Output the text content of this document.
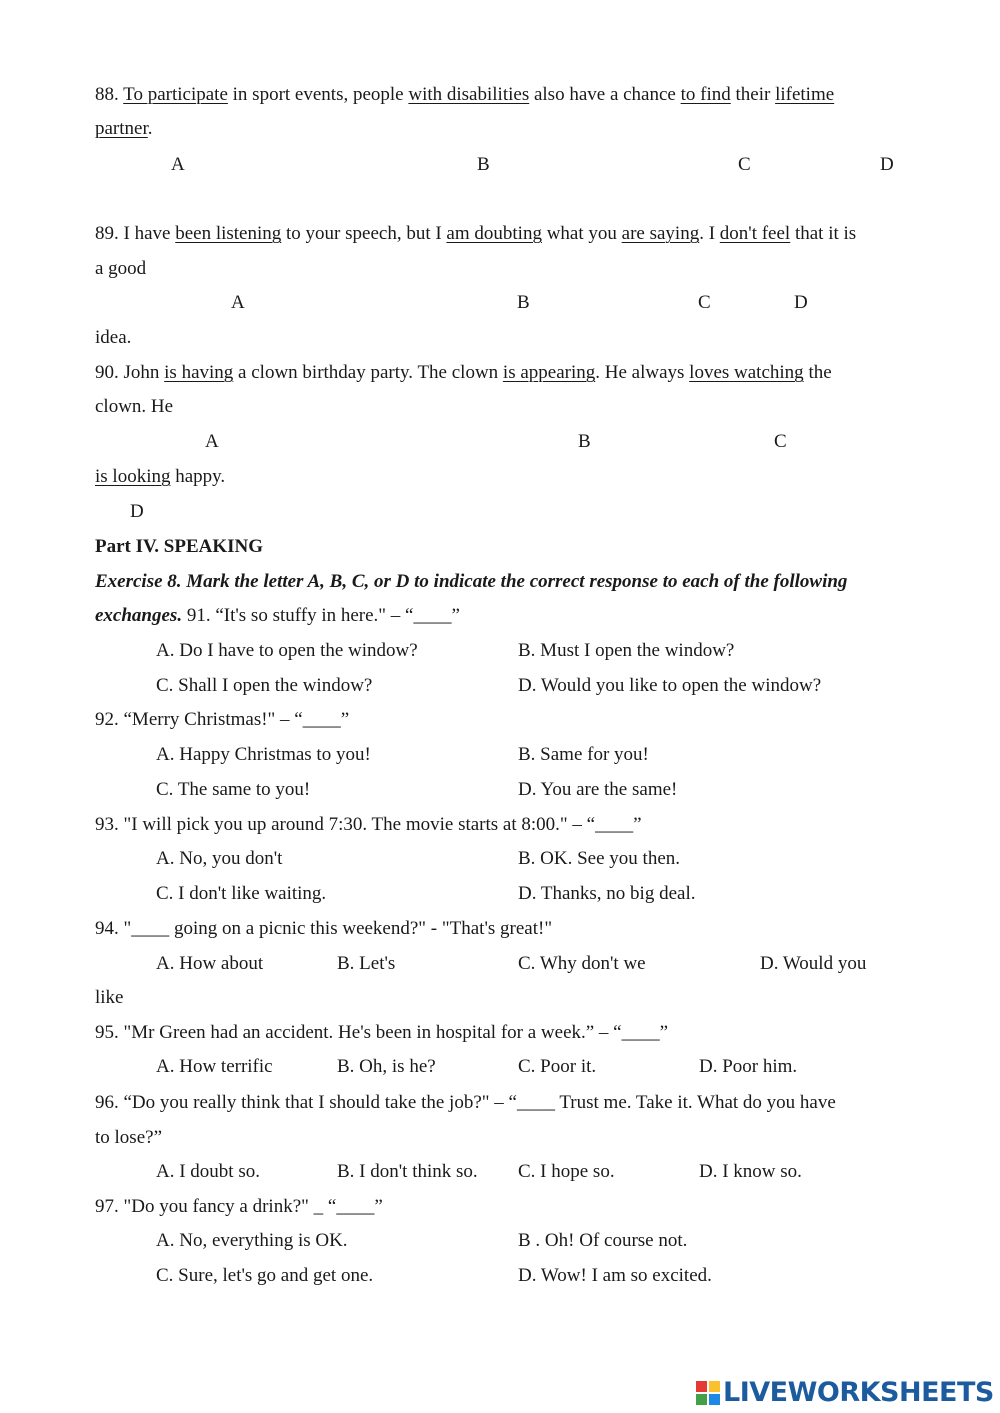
88. To participate in sport events, people with disabilities also have a chance to find their lifetime
partner.
A	B	C	D
89. I have been listening to your speech, but I am doubting what you are saying. I don't feel that it is
a good
A	B	C	D
idea.
90. John is having a clown birthday party. The clown is appearing. He always loves watching the
clown. He
A	B	C
is looking happy.
D
Part IV. SPEAKING
Exercise 8. Mark the letter A, B, C, or D to indicate the correct response to each of the following
exchanges. 91. “It's so stuffy in here." – “____”
A. Do I have to open the window?	B. Must I open the window?
C. Shall I open the window?	D. Would you like to open the window?
92. “Merry Christmas!" – “____”
A. Happy Christmas to you!	B. Same for you!
C. The same to you!	D. You are the same!
93. "I will pick you up around 7:30. The movie starts at 8:00." – “____”
A. No, you don't	B. OK. See you then.
C. I don't like waiting.	D. Thanks, no big deal.
94. "____ going on a picnic this weekend?" - "That's great!"
A. How about	B. Let's	C. Why don't we	D. Would you
like
95. "Mr Green had an accident. He's been in hospital for a week.” – “____”
A. How terrific	B. Oh, is he?	C. Poor it.	D. Poor him.
96. “Do you really think that I should take the job?" – “____ Trust me. Take it. What do you have
to lose?”
A. I doubt so.	B. I don't think so. C. I hope so.	D. I know so.
97. "Do you fancy a drink?" _ “____”
A. No, everything is OK.	B . Oh! Of course not.
C. Sure, let's go and get one.	D. Wow! I am so excited.
LIVEWORKSHEETS
